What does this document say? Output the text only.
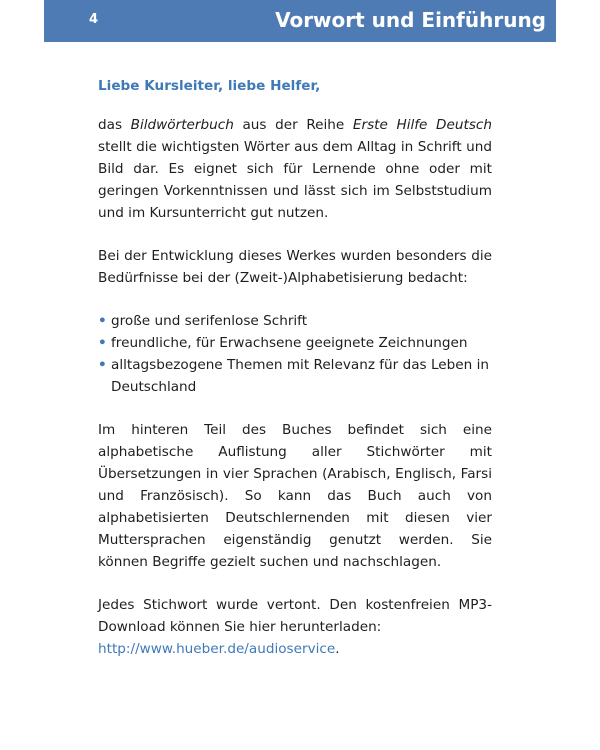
4	Vorwort und Einführung
Liebe Kursleiter, liebe Helfer,

das Bildwörterbuch aus der Reihe Erste Hilfe Deutsch stellt die wichtigsten Wörter aus dem Alltag in Schrift und Bild dar. Es eignet sich für Lernende ohne oder mit geringen Vorkenntnissen und lässt sich im Selbststudium und im Kursunterricht gut nutzen.

Bei der Entwicklung dieses Werkes wurden besonders die Bedürfnisse bei der (Zweit-)Alphabetisierung bedacht:

• große und serifenlose Schrift
• freundliche, für Erwachsene geeignete Zeichnungen
• alltagsbezogene Themen mit Relevanz für das Leben in Deutschland

Im hinteren Teil des Buches befindet sich eine alphabetische Auflistung aller Stichwörter mit Übersetzungen in vier Sprachen (Arabisch, Englisch, Farsi und Französisch). So kann das Buch auch von alphabetisierten Deutschlernenden mit diesen vier Muttersprachen eigenständig genutzt werden. Sie können Begriffe gezielt suchen und nachschlagen.

Jedes Stichwort wurde vertont. Den kostenfreien MP3-Download können Sie hier herunterladen:
http://www.hueber.de/audioservice.
